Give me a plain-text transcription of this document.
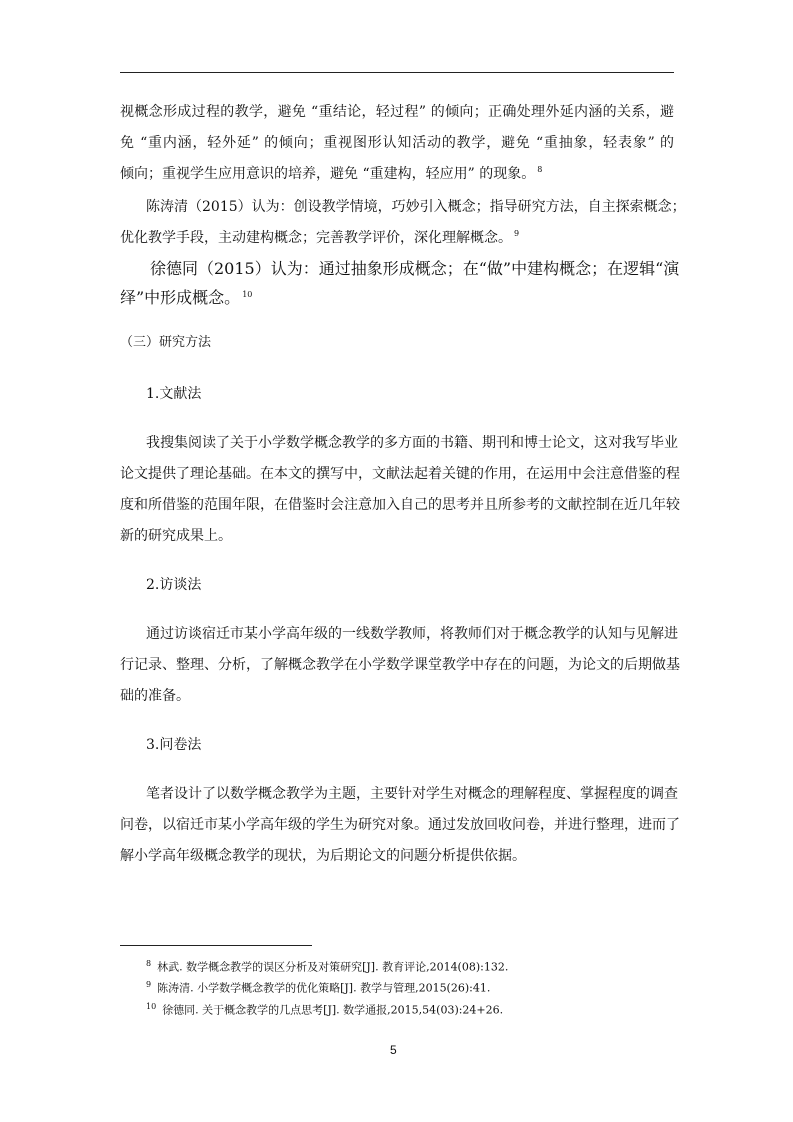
视概念形成过程的教学，避免 “重结论，轻过程” 的倾向；正确处理外延内涵的关系，避
免 “重内涵，轻外延” 的倾向；重视图形认知活动的教学，避免 “重抽象，轻表象” 的
倾向；重视学生应用意识的培养，避免 “重建构，轻应用” 的现象。 $^8$
陈涛清（2015）认为：创设教学情境，巧妙引入概念；指导研究方法，自主探索概念；
优化教学手段，主动建构概念；完善教学评价，深化理解概念。 $^9$
徐德同（2015）认为：通过抽象形成概念；在“做”中建构概念；在逻辑“演
绎”中形成概念。 $^{10}$
（三）研究方法
1.文献法
我搜集阅读了关于小学数学概念教学的多方面的书籍、期刊和博士论文，这对我写毕业
论文提供了理论基础。在本文的撰写中，文献法起着关键的作用，在运用中会注意借鉴的程
度和所借鉴的范围年限，在借鉴时会注意加入自己的思考并且所参考的文献控制在近几年较
新的研究成果上。
2.访谈法
通过访谈宿迁市某小学高年级的一线数学教师，将教师们对于概念教学的认知与见解进
行记录、整理、分析，了解概念教学在小学数学课堂教学中存在的问题，为论文的后期做基
础的准备。
3.问卷法
笔者设计了以数学概念教学为主题，主要针对学生对概念的理解程度、掌握程度的调查
问卷，以宿迁市某小学高年级的学生为研究对象。通过发放回收问卷，并进行整理，进而了
解小学高年级概念教学的现状，为后期论文的问题分析提供依据。
$^8$ 林武. 数学概念教学的误区分析及对策研究[J]. 教育评论,2014(08):132.
$^9$ 陈涛清. 小学数学概念教学的优化策略[J]. 教学与管理,2015(26):41.
$^{10}$ 徐德同. 关于概念教学的几点思考[J]. 数学通报,2015,54(03):24+26.
5
